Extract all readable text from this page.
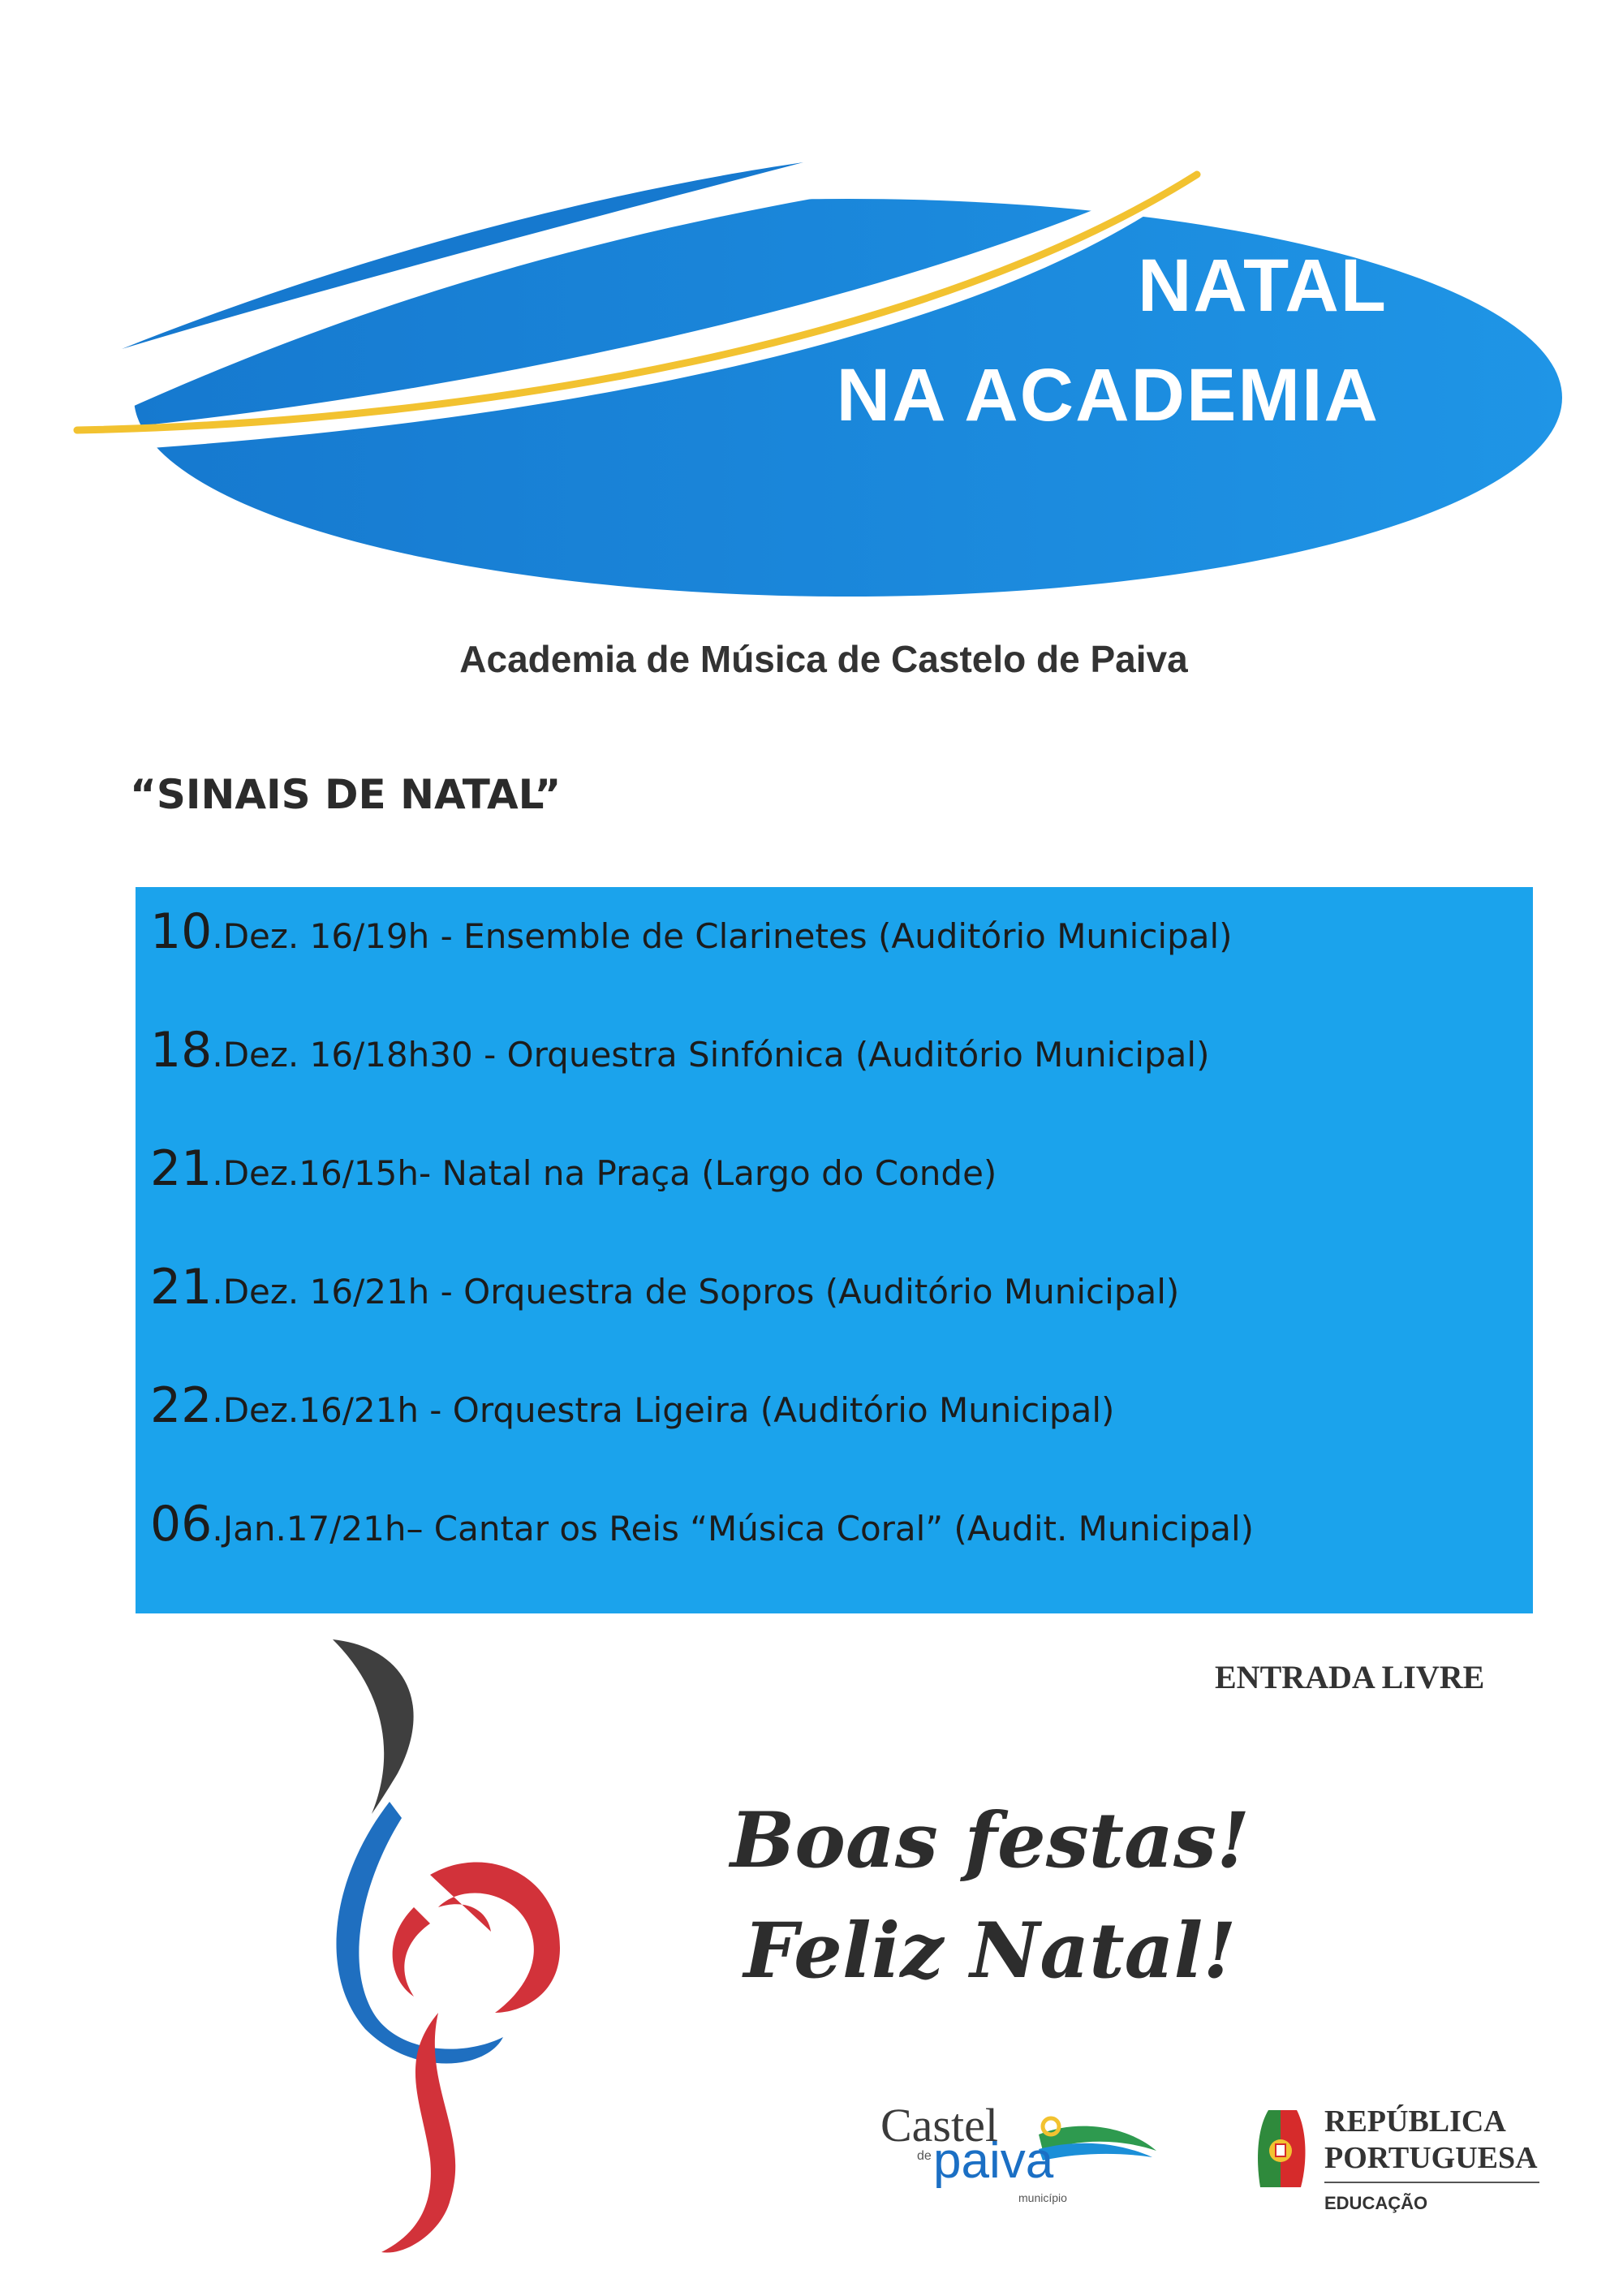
NATAL
NA ACADEMIA
Academia de Música de Castelo de Paiva
“SINAIS DE NATAL”
10.Dez. 16/19h - Ensemble de Clarinetes (Auditório Municipal)
18.Dez. 16/18h30 - Orquestra Sinfónica (Auditório Municipal)
21.Dez.16/15h- Natal na Praça (Largo do Conde)
21.Dez. 16/21h - Orquestra de Sopros (Auditório Municipal)
22.Dez.16/21h - Orquestra Ligeira (Auditório Municipal)
06.Jan.17/21h– Cantar os Reis “Música Coral” (Audit. Municipal)
ENTRADA LIVRE
Boas festas!
Feliz Natal!
Castel
de paiva
município
REPÚBLICA
PORTUGUESA
EDUCAÇÃO
